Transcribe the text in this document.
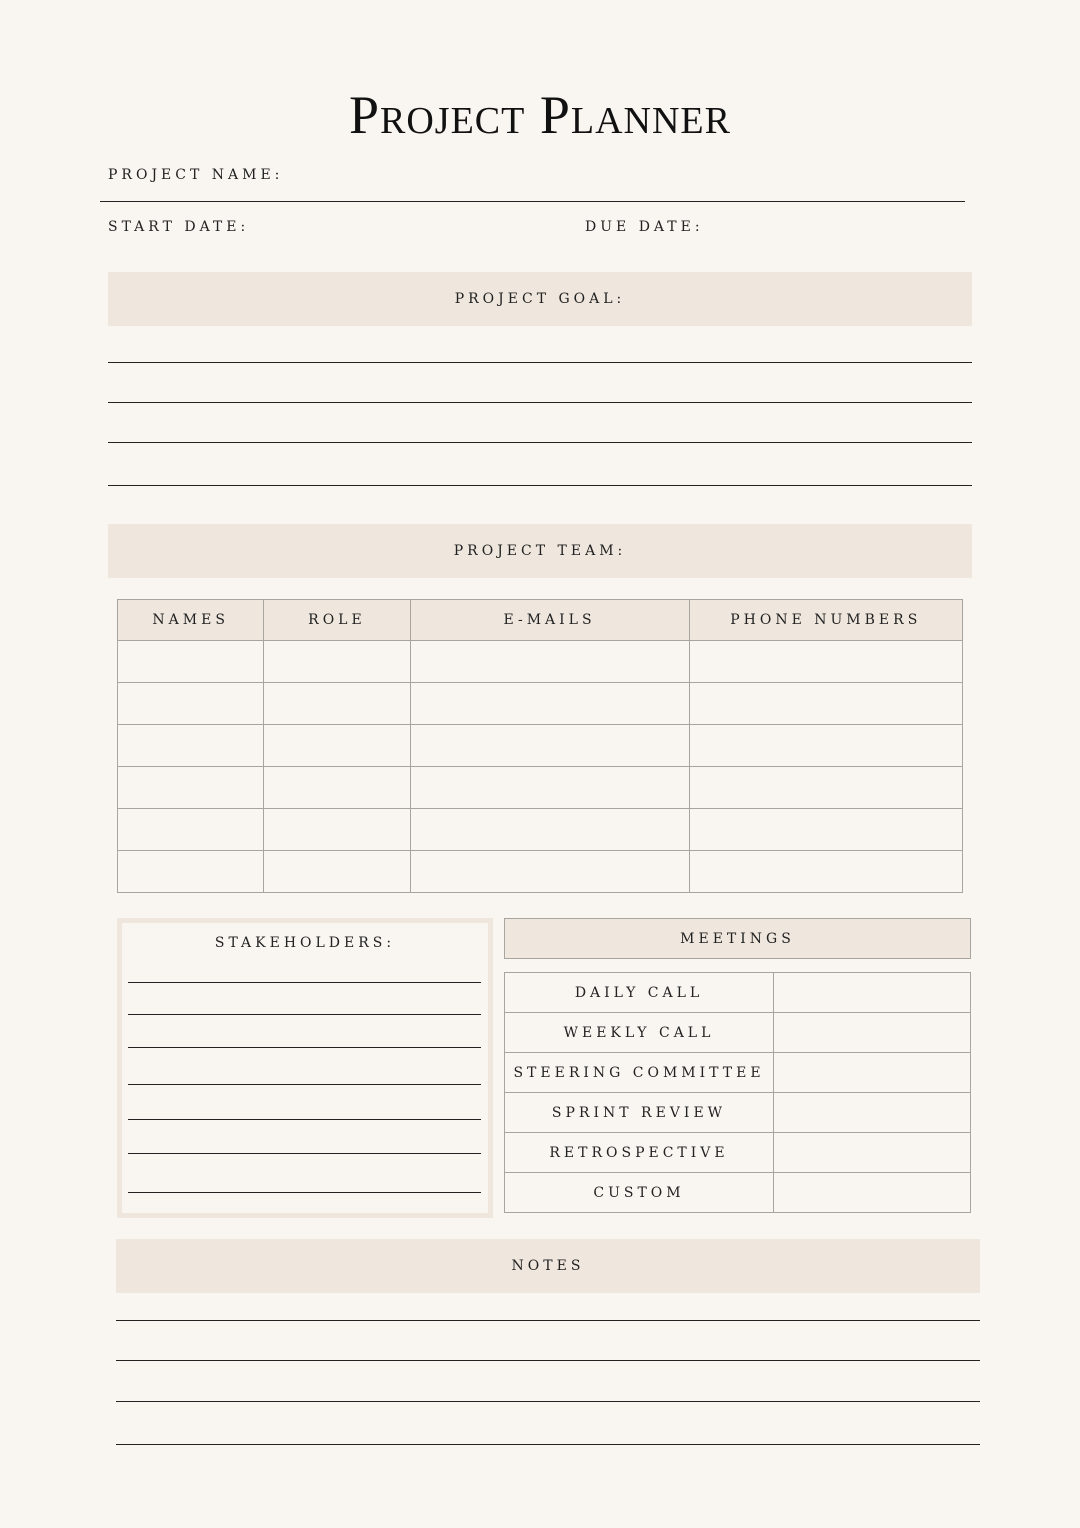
Project Planner
PROJECT NAME:
START DATE:	DUE DATE:
PROJECT GOAL:
PROJECT TEAM:
NAMES	ROLE	E-MAILS	PHONE NUMBERS

STAKEHOLDERS:	MEETINGS
DAILY CALL	
WEEKLY CALL	
STEERING COMMITTEE	
SPRINT REVIEW	
RETROSPECTIVE	
CUSTOM	
NOTES
